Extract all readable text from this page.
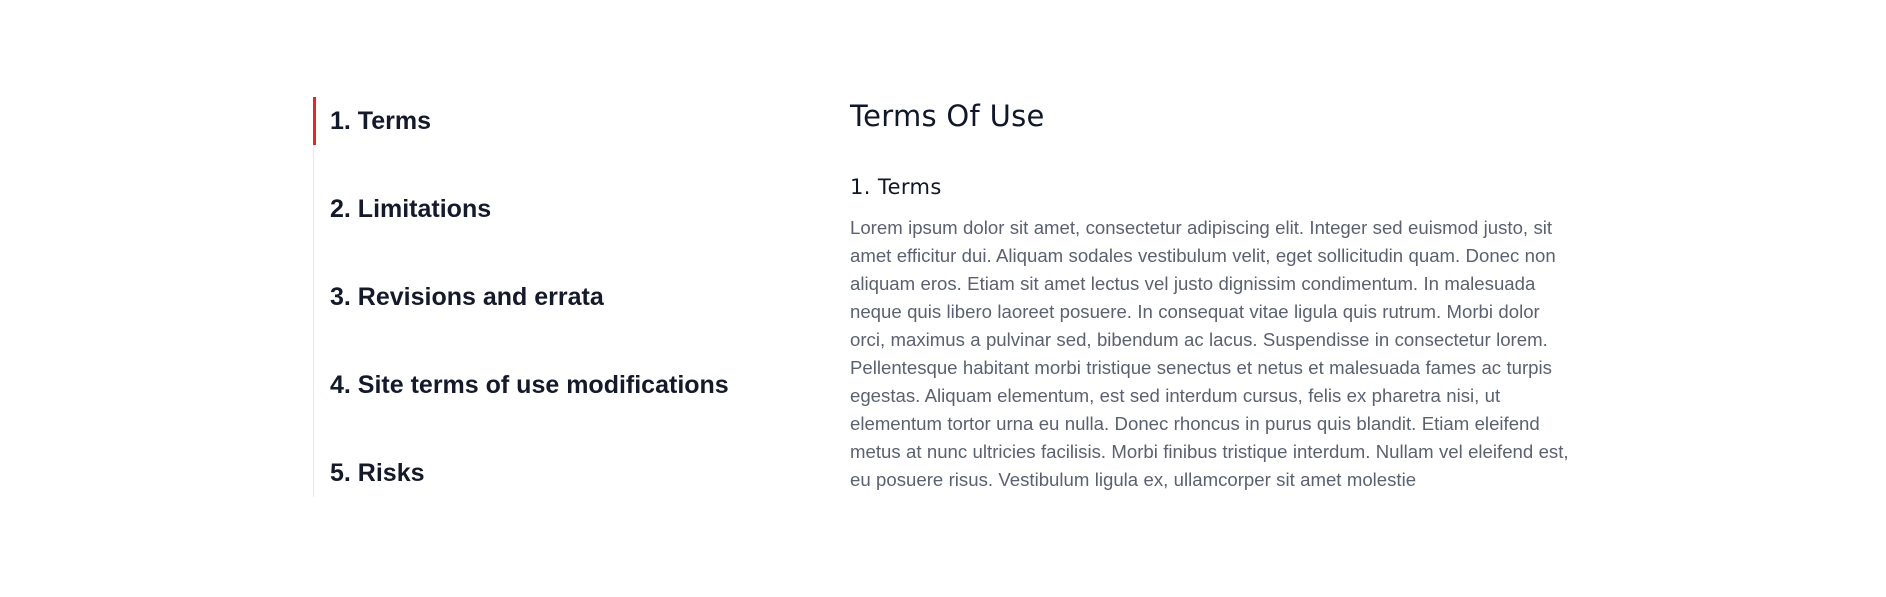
1. Terms
2. Limitations
3. Revisions and errata
4. Site terms of use modifications
5. Risks
Terms Of Use
1. Terms

Lorem ipsum dolor sit amet, consectetur adipiscing elit. Integer sed euismod justo, sit amet efficitur dui. Aliquam sodales vestibulum velit, eget sollicitudin quam. Donec non aliquam eros. Etiam sit amet lectus vel justo dignissim condimentum. In malesuada neque quis libero laoreet posuere. In consequat vitae ligula quis rutrum. Morbi dolor orci, maximus a pulvinar sed, bibendum ac lacus. Suspendisse in consectetur lorem. Pellentesque habitant morbi tristique senectus et netus et malesuada fames ac turpis egestas. Aliquam elementum, est sed interdum cursus, felis ex pharetra nisi, ut elementum tortor urna eu nulla. Donec rhoncus in purus quis blandit. Etiam eleifend metus at nunc ultricies facilisis. Morbi finibus tristique interdum. Nullam vel eleifend est, eu posuere risus. Vestibulum ligula ex, ullamcorper sit amet molestie
